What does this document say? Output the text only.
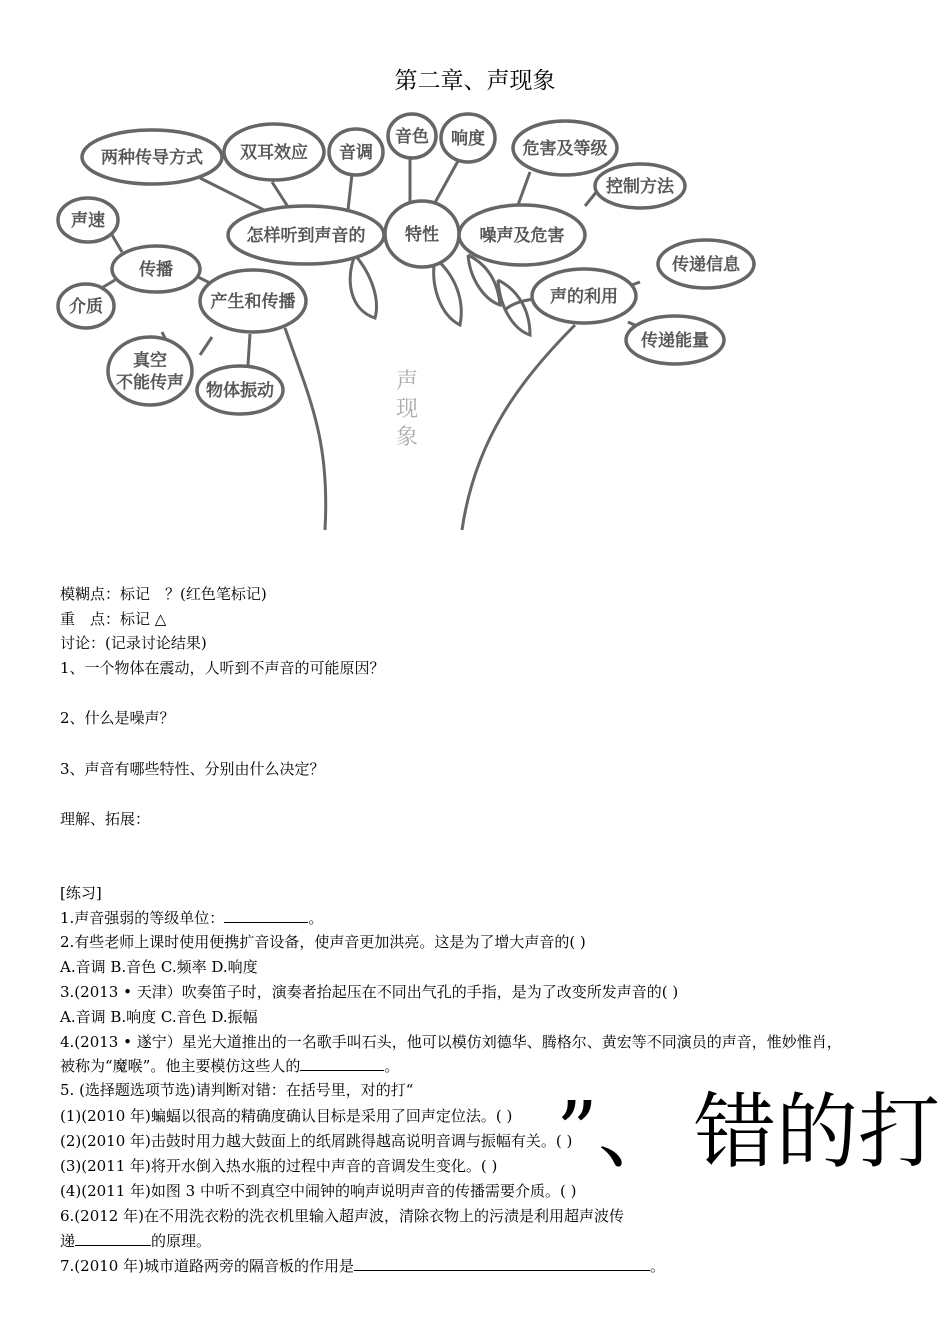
第二章、声现象
两种传导方式 双耳效应 音调
音色 响度 危害及等级
控制方法
声速
怎样听到声音的 特性 噪声及危害
传播	传递信息
介质	产生和传播	声的利用
真空
不能传声 物体振动
传递能量
声
现
象
模糊点：标记　？(红色笔标记)
重　点：标记 △
讨论：(记录讨论结果)
1、一个物体在震动，人听到不声音的可能原因？
2、什么是噪声？
3、声音有哪些特性、分别由什么决定？
理解、拓展：
[练习]
1.声音强弱的等级单位：	。
2.有些老师上课时使用便携扩音设备，使声音更加洪亮。这是为了增大声音的( )
A.音调 B.音色 C.频率 D.响度
3.(2013 • 天津）吹奏笛子时，演奏者抬起压在不同出气孔的手指，是为了改变所发声音的( )
A.音调 B.响度 C.音色 D.振幅
4.(2013 • 遂宁）星光大道推出的一名歌手叫石头，他可以模仿刘德华、腾格尔、黄宏等不同演员的声音，惟妙惟肖，
被称为“魔喉”。他主要模仿这些人的	。
5. (选择题选项节选)请判断对错：在括号里，对的打“
(1)(2010 年)蝙蝠以很高的精确度确认目标是采用了回声定位法。( )
(2)(2010 年)击鼓时用力越大鼓面上的纸屑跳得越高说明音调与振幅有关。( )
(3)(2011 年)将开水倒入热水瓶的过程中声音的音调发生变化。( )
(4)(2011 年)如图 3 中听不到真空中闹钟的响声说明声音的传播需要介质。( )
6.(2012 年)在不用洗衣粉的洗衣机里输入超声波，清除衣物上的污渍是利用超声波传
递	的原理。
7.(2010 年)城市道路两旁的隔音板的作用是	。
”、 错的打
